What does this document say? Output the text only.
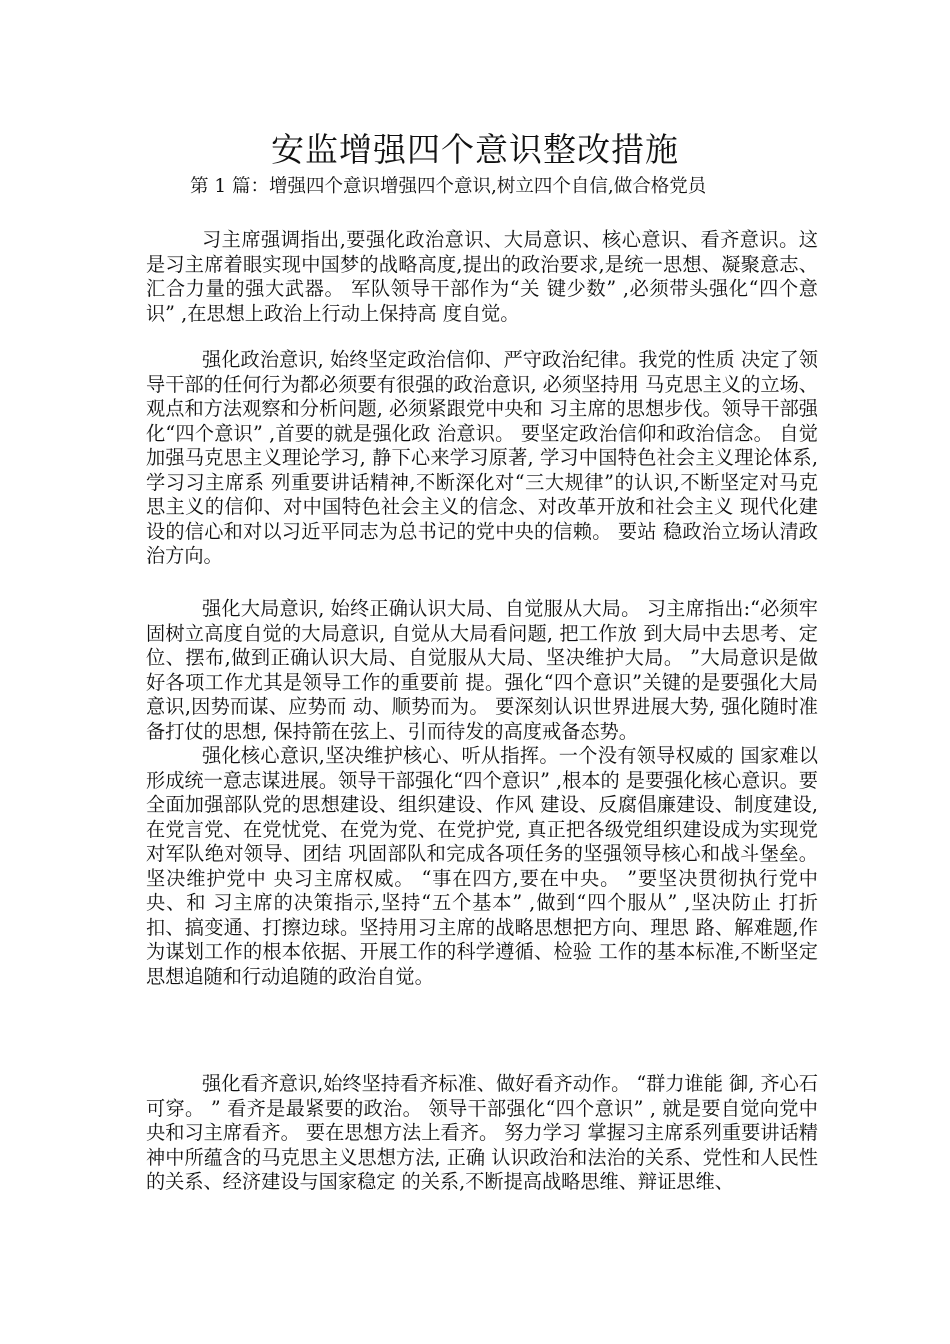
安监增强四个意识整改措施
第 1 篇：增强四个意识增强四个意识,树立四个自信,做合格党员
习主席强调指出,要强化政治意识、大局意识、核心意识、看齐意识。这是习主席着眼实现中国梦的战略高度,提出的政治要求,是统一思想、凝聚意志、汇合力量的强大武器。 军队领导干部作为“关 键少数” ,必须带头强化“四个意识” ,在思想上政治上行动上保持高 度自觉。
强化政治意识, 始终坚定政治信仰、严守政治纪律。我党的性质 决定了领导干部的任何行为都必须要有很强的政治意识, 必须坚持用 马克思主义的立场、观点和方法观察和分析问题, 必须紧跟党中央和 习主席的思想步伐。领导干部强化“四个意识” ,首要的就是强化政 治意识。 要坚定政治信仰和政治信念。 自觉加强马克思主义理论学习, 静下心来学习原著, 学习中国特色社会主义理论体系, 学习习主席系 列重要讲话精神,不断深化对“三大规律”的认识,不断坚定对马克 思主义的信仰、对中国特色社会主义的信念、对改革开放和社会主义 现代化建设的信心和对以习近平同志为总书记的党中央的信赖。 要站 稳政治立场认清政治方向。
强化大局意识, 始终正确认识大局、自觉服从大局。 习主席指出:“必须牢固树立高度自觉的大局意识, 自觉从大局看问题, 把工作放 到大局中去思考、定位、摆布,做到正确认识大局、自觉服从大局、坚决维护大局。 ”大局意识是做好各项工作尤其是领导工作的重要前 提。强化“四个意识”关键的是要强化大局意识,因势而谋、应势而 动、顺势而为。 要深刻认识世界进展大势, 强化随时准备打仗的思想, 保持箭在弦上、引而待发的高度戒备态势。
强化核心意识,坚决维护核心、听从指挥。一个没有领导权威的 国家难以形成统一意志谋进展。领导干部强化“四个意识” ,根本的 是要强化核心意识。要全面加强部队党的思想建设、组织建设、作风 建设、反腐倡廉建设、制度建设,在党言党、在党忧党、在党为党、在党护党, 真正把各级党组织建设成为实现党对军队绝对领导、团结 巩固部队和完成各项任务的坚强领导核心和战斗堡垒。 坚决维护党中 央习主席权威。 “事在四方,要在中央。 ”要坚决贯彻执行党中央、和 习主席的决策指示,坚持“五个基本” ,做到“四个服从” ,坚决防止 打折扣、搞变通、打擦边球。坚持用习主席的战略思想把方向、理思 路、解难题,作为谋划工作的根本依据、开展工作的科学遵循、检验 工作的基本标准,不断坚定思想追随和行动追随的政治自觉。
强化看齐意识,始终坚持看齐标准、做好看齐动作。 “群力谁能 御, 齐心石可穿。 ” 看齐是最紧要的政治。 领导干部强化“四个意识” , 就是要自觉向党中央和习主席看齐。 要在思想方法上看齐。 努力学习 掌握习主席系列重要讲话精神中所蕴含的马克思主义思想方法, 正确 认识政治和法治的关系、党性和人民性的关系、经济建设与国家稳定 的关系,不断提高战略思维、辩证思维、
